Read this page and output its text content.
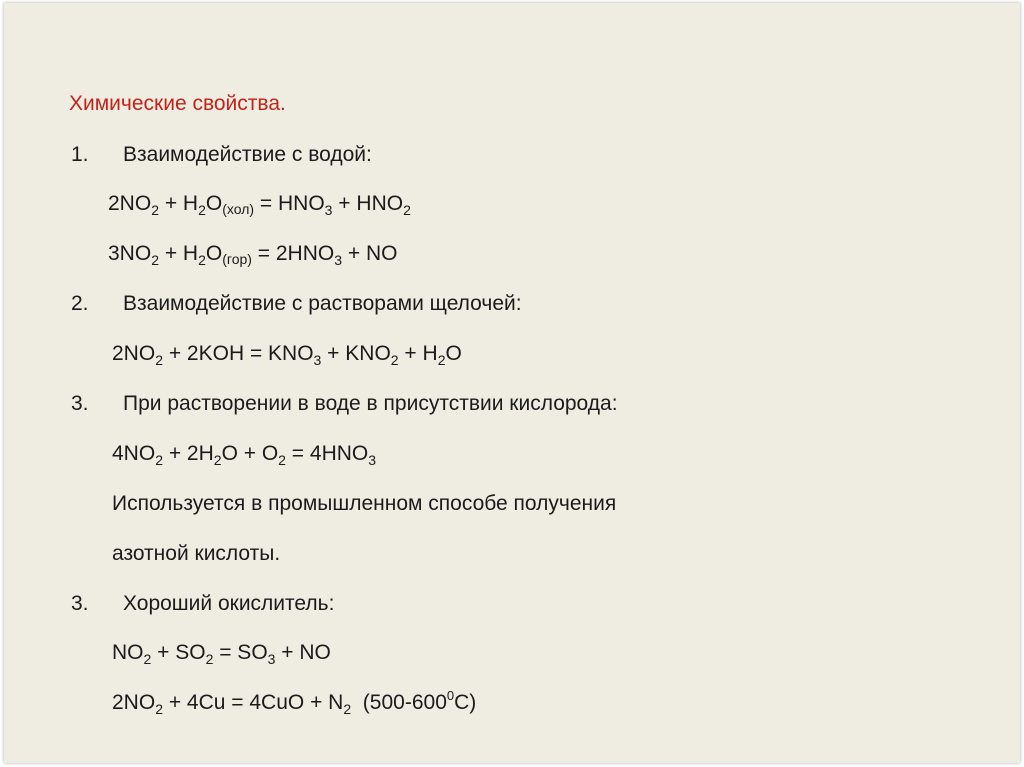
Химические свойства.
1. Взаимодействие с водой:
$2NO_2 + H_2O_{(хол)} = HNO_3 + HNO_2$
$3NO_2 + H_2O_{(гор)} = 2HNO_3$ + NO
2. Взаимодействие с растворами щелочей:
$2NO_2 + 2KOH = KNO_3 + KNO_2 + H_2O$
3. При растворении в воде в присутствии кислорода:
$4NO_2 + 2H_2O + O_2 = 4HNO_3$
Используется в промышленном способе получения
азотной кислоты.
3. Хороший окислитель:
$NO_2 + SO_2 = SO_3$ + NO
$2NO_2 + 4Cu = 4CuO + N_2$  $(500-600^0C)$
